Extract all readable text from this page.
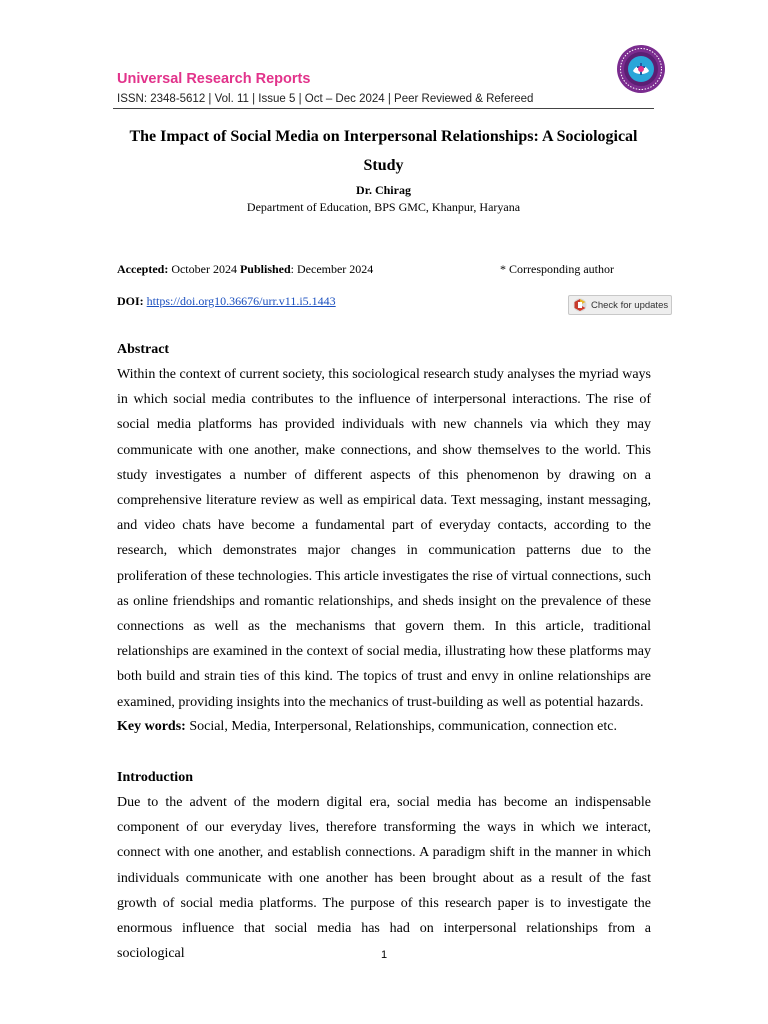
Universal Research Reports
ISSN: 2348-5612 | Vol. 11 | Issue 5 | Oct – Dec 2024 | Peer Reviewed & Refereed
The Impact of Social Media on Interpersonal Relationships: A Sociological Study
Dr. Chirag
Department of Education, BPS GMC, Khanpur, Haryana
Accepted: October 2024 Published: December 2024	* Corresponding author
DOI: https://doi.org10.36676/urr.v11.i5.1443	Check for updates
Abstract

Within the context of current society, this sociological research study analyses the myriad ways in which social media contributes to the influence of interpersonal interactions. The rise of social media platforms has provided individuals with new channels via which they may communicate with one another, make connections, and show themselves to the world. This study investigates a number of different aspects of this phenomenon by drawing on a comprehensive literature review as well as empirical data. Text messaging, instant messaging, and video chats have become a fundamental part of everyday contacts, according to the research, which demonstrates major changes in communication patterns due to the proliferation of these technologies. This article investigates the rise of virtual connections, such as online friendships and romantic relationships, and sheds insight on the prevalence of these connections as well as the mechanisms that govern them. In this article, traditional relationships are examined in the context of social media, illustrating how these platforms may both build and strain ties of this kind. The topics of trust and envy in online relationships are examined, providing insights into the mechanics of trust-building as well as potential hazards.

Key words: Social, Media, Interpersonal, Relationships, communication, connection etc.
Introduction

Due to the advent of the modern digital era, social media has become an indispensable component of our everyday lives, therefore transforming the ways in which we interact, connect with one another, and establish connections. A paradigm shift in the manner in which individuals communicate with one another has been brought about as a result of the fast growth of social media platforms. The purpose of this research paper is to investigate the enormous influence that social media has had on interpersonal relationships from a sociological	1
